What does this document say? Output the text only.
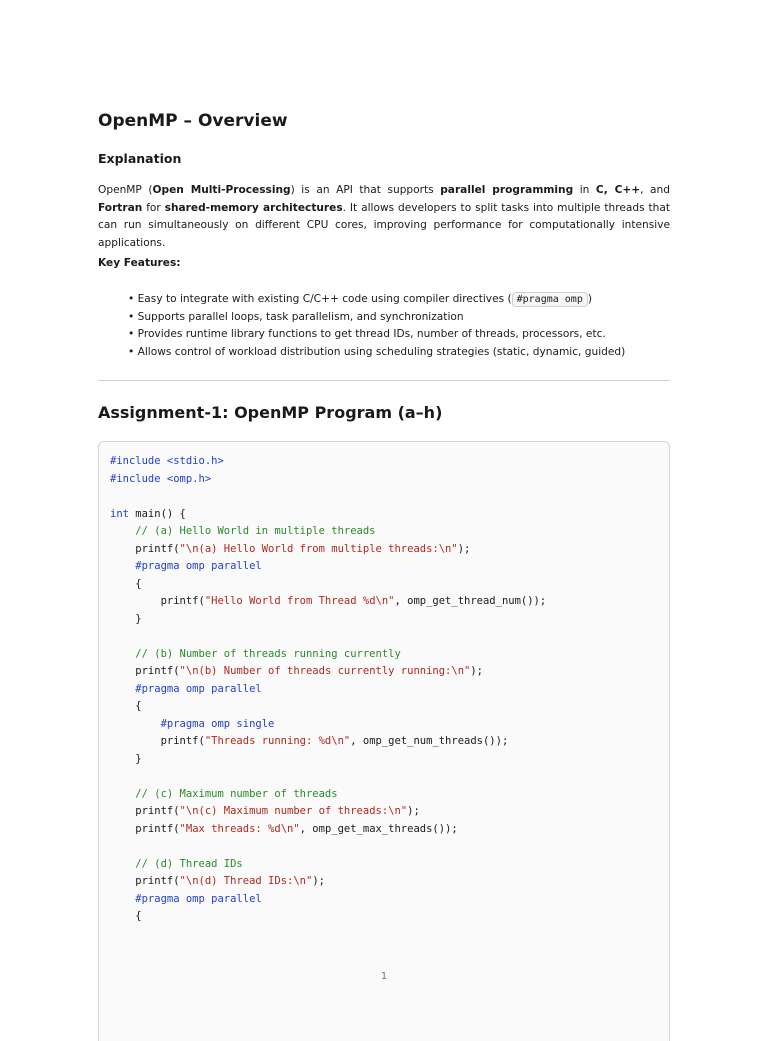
OpenMP – Overview
Explanation

OpenMP (Open Multi-Processing) is an API that supports parallel programming in C, C++, and Fortran for shared-memory architectures. It allows developers to split tasks into multiple threads that can run simultaneously on different CPU cores, improving performance for computationally intensive applications.

Key Features:
• Easy to integrate with existing C/C++ code using compiler directives ( #pragma omp )
• Supports parallel loops, task parallelism, and synchronization
• Provides runtime library functions to get thread IDs, number of threads, processors, etc.
• Allows control of workload distribution using scheduling strategies (static, dynamic, guided)
Assignment-1: OpenMP Program (a–h)
#include <stdio.h>
#include <omp.h>
int main() {
// (a) Hello World in multiple threads
printf("\n(a) Hello World from multiple threads:\n");
#pragma omp parallel
{
printf("Hello World from Thread %d\n", omp_get_thread_num());
}
// (b) Number of threads running currently
printf("\n(b) Number of threads currently running:\n");
#pragma omp parallel
{
#pragma omp single
printf("Threads running: %d\n", omp_get_num_threads());
}
// (c) Maximum number of threads
printf("\n(c) Maximum number of threads:\n");
printf("Max threads: %d\n", omp_get_max_threads());
// (d) Thread IDs
printf("\n(d) Thread IDs:\n");
#pragma omp parallel
{
1
